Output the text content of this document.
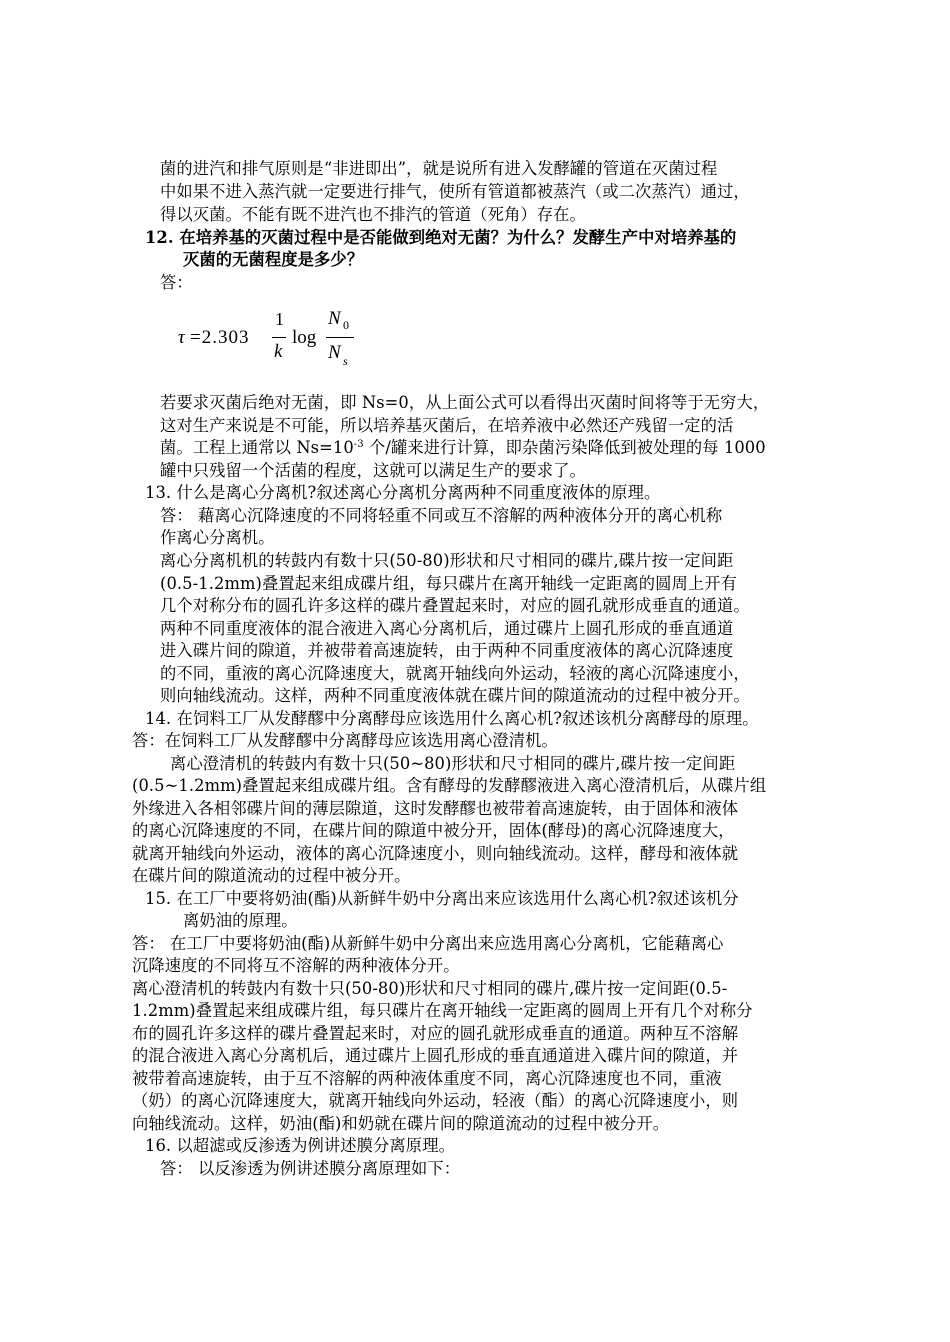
菌的进汽和排气原则是“非进即出”，就是说所有进入发酵罐的管道在灭菌过程
中如果不进入蒸汽就一定要进行排气，使所有管道都被蒸汽（或二次蒸汽）通过，
得以灭菌。不能有既不进汽也不排汽的管道（死角）存在。
12. 在培养基的灭菌过程中是否能做到绝对无菌？为什么？发酵生产中对培养基的
灭菌的无菌程度是多少？
答：
τ =2.303
1
k
log
N 0
N s
若要求灭菌后绝对无菌，即 Ns=0，从上面公式可以看得出灭菌时间将等于无穷大，
这对生产来说是不可能，所以培养基灭菌后，在培养液中必然还产残留一定的活
菌。工程上通常以 $Ns=10^{-3}$ 个/罐来进行计算，即杂菌污染降低到被处理的每 1000
罐中只残留一个活菌的程度，这就可以满足生产的要求了。
13. 什么是离心分离机?叙述离心分离机分离两种不同重度液体的原理。
答： 藉离心沉降速度的不同将轻重不同或互不溶解的两种液体分开的离心机称
作离心分离机。
离心分离机机的转鼓内有数十只(50-80)形状和尺寸相同的碟片,碟片按一定间距
(0.5-1.2mm)叠置起来组成碟片组，每只碟片在离开轴线一定距离的圆周上开有
几个对称分布的圆孔许多这样的碟片叠置起来时，对应的圆孔就形成垂直的通道。
两种不同重度液体的混合液进入离心分离机后，通过碟片上圆孔形成的垂直通道
进入碟片间的隙道，并被带着高速旋转，由于两种不同重度液体的离心沉降速度
的不同，重液的离心沉降速度大，就离开轴线向外运动，轻液的离心沉降速度小，
则向轴线流动。这样，两种不同重度液体就在碟片间的隙道流动的过程中被分开。
14. 在饲料工厂从发酵醪中分离酵母应该选用什么离心机?叙述该机分离酵母的原理。
答：在饲料工厂从发酵醪中分离酵母应该选用离心澄清机。
离心澄清机的转鼓内有数十只(50~80)形状和尺寸相同的碟片,碟片按一定间距
(0.5~1.2mm)叠置起来组成碟片组。含有酵母的发酵醪液进入离心澄清机后，从碟片组
外缘进入各相邻碟片间的薄层隙道，这时发酵醪也被带着高速旋转，由于固体和液体
的离心沉降速度的不同，在碟片间的隙道中被分开，固体(酵母)的离心沉降速度大，
就离开轴线向外运动，液体的离心沉降速度小，则向轴线流动。这样，酵母和液体就
在碟片间的隙道流动的过程中被分开。
15. 在工厂中要将奶油(酯)从新鲜牛奶中分离出来应该选用什么离心机?叙述该机分
离奶油的原理。
答： 在工厂中要将奶油(酯)从新鲜牛奶中分离出来应选用离心分离机，它能藉离心
沉降速度的不同将互不溶解的两种液体分开。
离心澄清机的转鼓内有数十只(50-80)形状和尺寸相同的碟片,碟片按一定间距(0.5-
1.2mm)叠置起来组成碟片组，每只碟片在离开轴线一定距离的圆周上开有几个对称分
布的圆孔许多这样的碟片叠置起来时，对应的圆孔就形成垂直的通道。两种互不溶解
的混合液进入离心分离机后，通过碟片上圆孔形成的垂直通道进入碟片间的隙道，并
被带着高速旋转，由于互不溶解的两种液体重度不同，离心沉降速度也不同，重液
（奶）的离心沉降速度大，就离开轴线向外运动，轻液（酯）的离心沉降速度小，则
向轴线流动。这样，奶油(酯)和奶就在碟片间的隙道流动的过程中被分开。
16. 以超滤或反渗透为例讲述膜分离原理。
答： 以反渗透为例讲述膜分离原理如下：
